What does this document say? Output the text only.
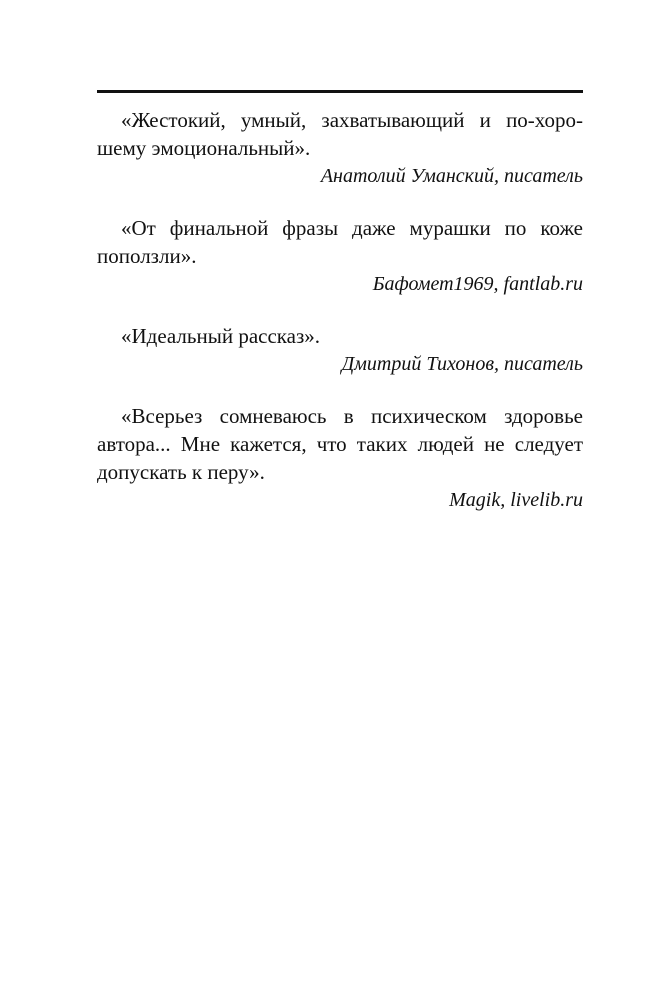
«Жестокий, умный, захватывающий и по-хоро-
шему эмоциональный».

Анатолий Уманский, писатель

«От финальной фразы даже мурашки по коже
поползли».

Бафомет1969, fantlab.ru

«Идеальный рассказ».

Дмитрий Тихонов, писатель

«Всерьез сомневаюсь в психическом здоровье
автора... Мне кажется, что таких людей не следует
допускать к перу».

Magik, livelib.ru
